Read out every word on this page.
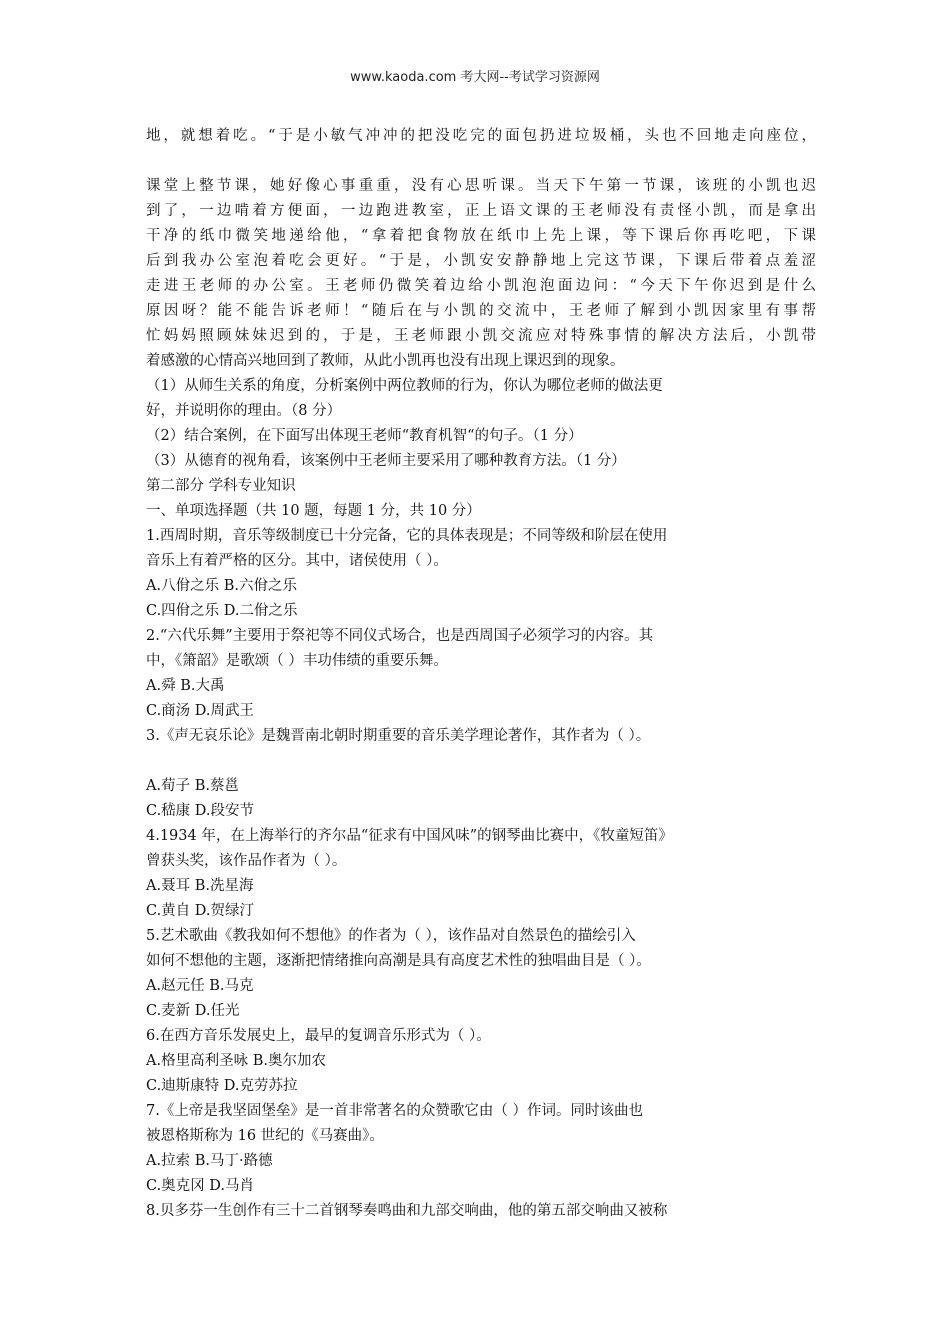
www.kaoda.com 考大网--考试学习资源网
地，就想着吃。“于是小敏气冲冲的把没吃完的面包扔进垃圾桶，头也不回地走向座位，
课堂上整节课，她好像心事重重，没有心思听课。当天下午第一节课，该班的小凯也迟
到了，一边啃着方便面，一边跑进教室，正上语文课的王老师没有责怪小凯，而是拿出
干净的纸巾微笑地递给他，“拿着把食物放在纸巾上先上课，等下课后你再吃吧，下课
后到我办公室泡着吃会更好。“于是，小凯安安静静地上完这节课，下课后带着点羞涩
走进王老师的办公室。王老师仍微笑着边给小凯泡泡面边问：“今天下午你迟到是什么
原因呀？能不能告诉老师！“随后在与小凯的交流中，王老师了解到小凯因家里有事帮
忙妈妈照顾妹妹迟到的，于是，王老师跟小凯交流应对特殊事情的解决方法后，小凯带
着感激的心情高兴地回到了教师，从此小凯再也没有出现上课迟到的现象。
（1）从师生关系的角度，分析案例中两位教师的行为，你认为哪位老师的做法更
好，并说明你的理由。（8 分）
（2）结合案例，在下面写出体现王老师“教育机智“的句子。（1 分）
（3）从德育的视角看，该案例中王老师主要采用了哪种教育方法。（1 分）
第二部分 学科专业知识
一、单项选择题（共 10 题，每题 1 分，共 10 分）
1.西周时期，音乐等级制度已十分完备，它的具体表现是；不同等级和阶层在使用
音乐上有着严格的区分。其中，诸侯使用（ ）。
A.八佾之乐 B.六佾之乐
C.四佾之乐 D.二佾之乐
2.“六代乐舞”主要用于祭祀等不同仪式场合，也是西周国子必须学习的内容。其
中，《箫韶》是歌颂（ ）丰功伟绩的重要乐舞。
A.舜 B.大禹
C.商汤 D.周武王
3.《声无哀乐论》是魏晋南北朝时期重要的音乐美学理论著作，其作者为（ ）。
A.荀子 B.蔡邕
C.嵇康 D.段安节
4.1934 年，在上海举行的齐尔品“征求有中国风味”的钢琴曲比赛中，《牧童短笛》
曾获头奖，该作品作者为（ ）。
A.聂耳 B.冼星海
C.黄自 D.贺绿汀
5.艺术歌曲《教我如何不想他》的作者为（ ），该作品对自然景色的描绘引入
如何不想他的主题，逐渐把情绪推向高潮是具有高度艺术性的独唱曲目是（ ）。
A.赵元任 B.马克
C.麦新 D.任光
6.在西方音乐发展史上，最早的复调音乐形式为（ ）。
A.格里高利圣咏 B.奥尔加农
C.迪斯康特 D.克劳苏拉
7.《上帝是我坚固堡垒》是一首非常著名的众赞歌它由（ ）作词。同时该曲也
被恩格斯称为 16 世纪的《马赛曲》。
A.拉索 B.马丁·路德
C.奥克冈 D.马肖
8.贝多芬一生创作有三十二首钢琴奏鸣曲和九部交响曲，他的第五部交响曲又被称
